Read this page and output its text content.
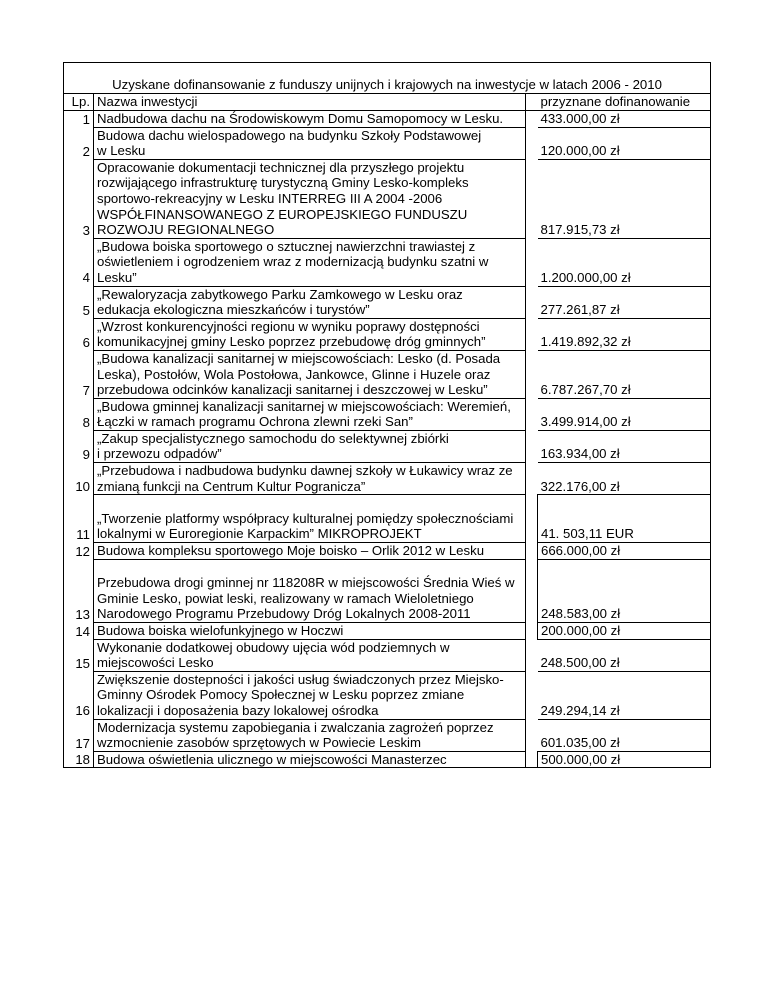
Uzyskane dofinansowanie z funduszy unijnych i krajowych na inwestycje w latach 2006 - 2010			
Lp.	Nazwa inwestycji		przyznane dofinanowanie
1	Nadbudowa dachu na Środowiskowym Domu Samopomocy w Lesku.		433.000,00 zł
2	Budowa dachu wielospadowego na budynku Szkoły Podstawowej
w Lesku		120.000,00 zł
3	Opracowanie dokumentacji technicznej dla przyszłego projektu
rozwijającego infrastrukturę turystyczną Gminy Lesko-kompleks
sportowo-rekreacyjny w Lesku INTERREG III A 2004 -2006
WSPÓŁFINANSOWANEGO Z EUROPEJSKIEGO FUNDUSZU
ROZWOJU REGIONALNEGO		817.915,73 zł
4	„Budowa boiska sportowego o sztucznej nawierzchni trawiastej z
oświetleniem i ogrodzeniem wraz z modernizacją budynku szatni w
Lesku”		1.200.000,00 zł
5	„Rewaloryzacja zabytkowego Parku Zamkowego w Lesku oraz
edukacja ekologiczna mieszkańców i turystów”		277.261,87 zł
6	„Wzrost konkurencyjności regionu w wyniku poprawy dostępności
komunikacyjnej gminy Lesko poprzez przebudowę dróg gminnych”		1.419.892,32 zł
7	„Budowa kanalizacji sanitarnej w miejscowościach: Lesko (d. Posada
Leska), Postołów, Wola Postołowa, Jankowce, Glinne i Huzele oraz
przebudowa odcinków kanalizacji sanitarnej i deszczowej w Lesku”		6.787.267,70 zł
8	„Budowa gminnej kanalizacji sanitarnej w miejscowościach: Weremień,
Łączki w ramach programu Ochrona zlewni rzeki San”		3.499.914,00 zł
9	„Zakup specjalistycznego samochodu do selektywnej zbiórki
i przewozu odpadów”		163.934,00 zł
10	„Przebudowa i nadbudowa budynku dawnej szkoły w Łukawicy wraz ze
zmianą funkcji na Centrum Kultur Pogranicza”		322.176,00 zł
11	„Tworzenie platformy współpracy kulturalnej pomiędzy społecznościami
lokalnymi w Euroregionie Karpackim” MIKROPROJEKT		41. 503,11 EUR
12	Budowa kompleksu sportowego Moje boisko – Orlik 2012 w Lesku		666.000,00 zł
13	Przebudowa drogi gminnej nr 118208R w miejscowości Średnia Wieś w
Gminie Lesko, powiat leski, realizowany w ramach Wieloletniego
Narodowego Programu Przebudowy Dróg Lokalnych 2008-2011		248.583,00 zł
14	Budowa boiska wielofunkyjnego w Hoczwi		200.000,00 zł
15	Wykonanie dodatkowej obudowy ujęcia wód podziemnych w
miejscowości Lesko		248.500,00 zł
16	Zwiększenie dostepności i jakości usług świadczonych przez Miejsko-
Gminny Ośrodek Pomocy Społecznej w Lesku poprzez zmiane
lokalizacji i doposażenia bazy lokalowej ośrodka		249.294,14 zł
17	Modernizacja systemu zapobiegania i zwalczania zagrożeń poprzez
wzmocnienie zasobów sprzętowych w Powiecie Leskim		601.035,00 zł
18	Budowa oświetlenia ulicznego w miejscowości Manasterzec		500.000,00 zł
